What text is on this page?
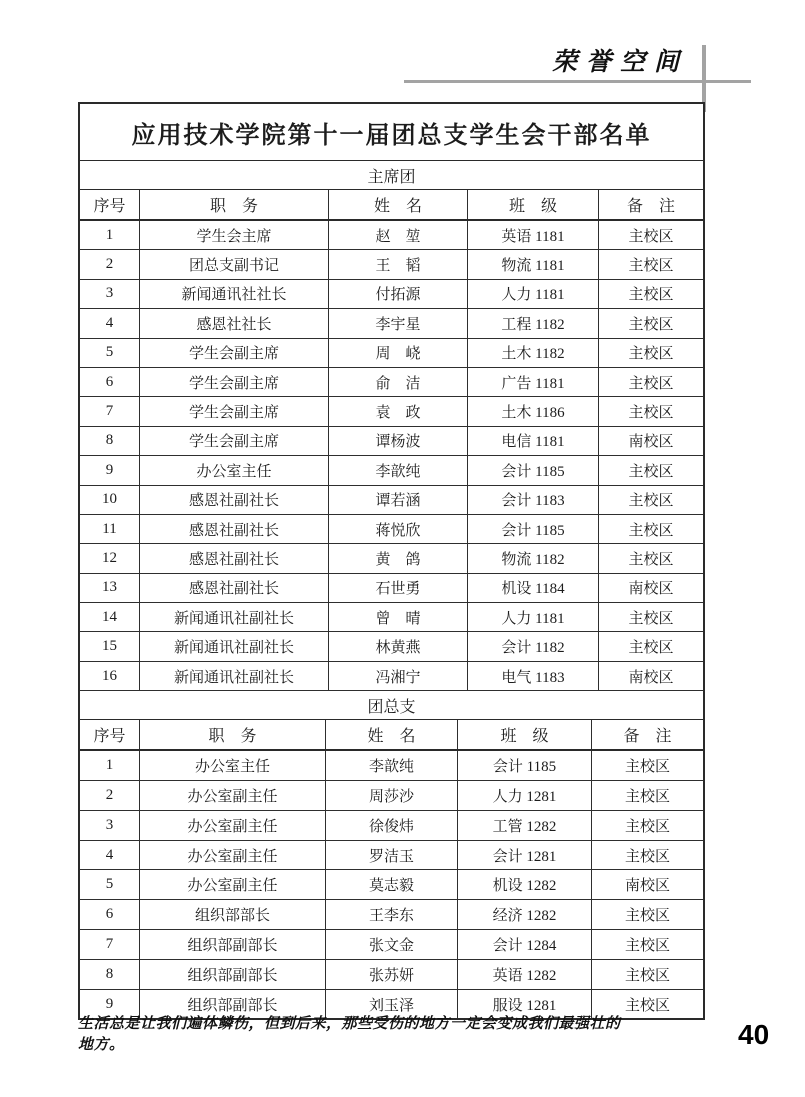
荣誉空间
应用技术学院第十一届团总支学生会干部名单
主席团
序号	职　务	姓　名	班　级	备　注
1	学生会主席	赵　堃	英语 1181	主校区
2	团总支副书记	王　韬	物流 1181	主校区
3	新闻通讯社社长	付拓源	人力 1181	主校区
4	感恩社社长	李宇星	工程 1182	主校区
5	学生会副主席	周　峣	土木 1182	主校区
6	学生会副主席	俞　洁	广告 1181	主校区
7	学生会副主席	袁　政	土木 1186	主校区
8	学生会副主席	谭杨波	电信 1181	南校区
9	办公室主任	李歆纯	会计 1185	主校区
10	感恩社副社长	谭若涵	会计 1183	主校区
11	感恩社副社长	蒋悦欣	会计 1185	主校区
12	感恩社副社长	黄　鸽	物流 1182	主校区
13	感恩社副社长	石世勇	机设 1184	南校区
14	新闻通讯社副社长	曾　晴	人力 1181	主校区
15	新闻通讯社副社长	林黄燕	会计 1182	主校区
16	新闻通讯社副社长	冯湘宁	电气 1183	南校区
团总支
序号	职　务	姓　名	班　级	备　注
1	办公室主任	李歆纯	会计 1185	主校区
2	办公室副主任	周莎沙	人力 1281	主校区
3	办公室副主任	徐俊炜	工管 1282	主校区
4	办公室副主任	罗洁玉	会计 1281	主校区
5	办公室副主任	莫志毅	机设 1282	南校区
6	组织部部长	王李东	经济 1282	主校区
7	组织部副部长	张文金	会计 1284	主校区
8	组织部副部长	张苏妍	英语 1282	主校区
9	组织部副部长	刘玉泽	服设 1281	主校区
生活总是让我们遍体鳞伤，但到后来，那些受伤的地方一定会变成我们最强壮的
地方。	40
